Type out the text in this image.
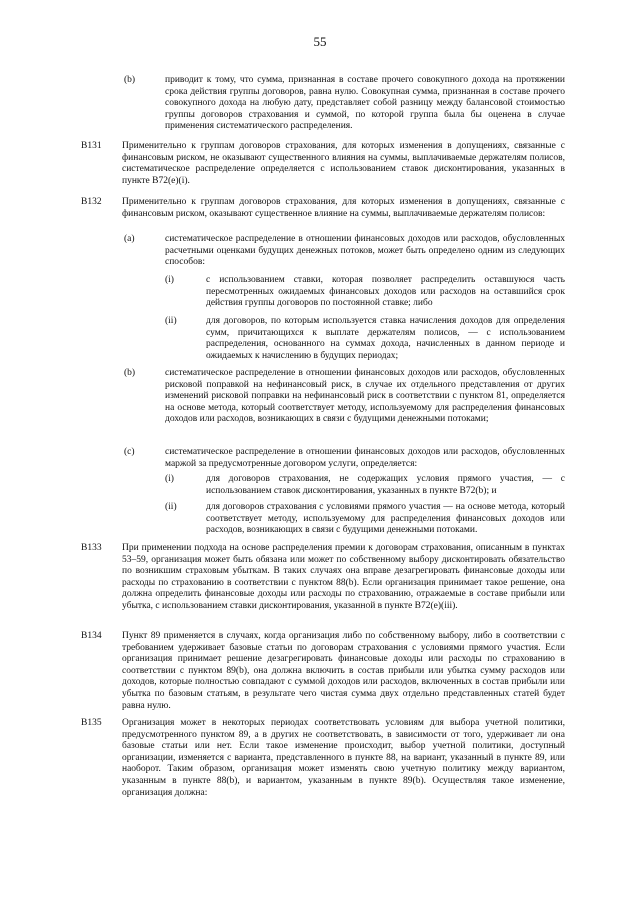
55
(b)	приводит к тому, что сумма, признанная в составе прочего совокупного дохода на протяжении срока действия группы договоров, равна нулю. Совокупная сумма, признанная в составе прочего совокупного дохода на любую дату, представляет собой разницу между балансовой стоимостью группы договоров страхования и суммой, по которой группа была бы оценена в случае применения систематического распределения.
B131 Применительно к группам договоров страхования, для которых изменения в допущениях, связанные с финансовым риском, не оказывают существенного влияния на суммы, выплачиваемые держателям полисов, систематическое распределение определяется с использованием ставок дисконтирования, указанных в пункте B72(e)(i).
B132 Применительно к группам договоров страхования, для которых изменения в допущениях, связанные с финансовым риском, оказывают существенное влияние на суммы, выплачиваемые держателям полисов:
(a)	систематическое распределение в отношении финансовых доходов или расходов, обусловленных расчетными оценками будущих денежных потоков, может быть определено одним из следующих способов:
(i)	с использованием ставки, которая позволяет распределить оставшуюся часть пересмотренных ожидаемых финансовых доходов или расходов на оставшийся срок действия группы договоров по постоянной ставке; либо
(ii)	для договоров, по которым используется ставка начисления доходов для определения сумм, причитающихся к выплате держателям полисов, — с использованием распределения, основанного на суммах дохода, начисленных в данном периоде и ожидаемых к начислению в будущих периодах;
(b)	систематическое распределение в отношении финансовых доходов или расходов, обусловленных рисковой поправкой на нефинансовый риск, в случае их отдельного представления от других изменений рисковой поправки на нефинансовый риск в соответствии с пунктом 81, определяется на основе метода, который соответствует методу, используемому для распределения финансовых доходов или расходов, возникающих в связи с будущими денежными потоками;
(c)	систематическое распределение в отношении финансовых доходов или расходов, обусловленных маржой за предусмотренные договором услуги, определяется:
(i)	для договоров страхования, не содержащих условия прямого участия, — с использованием ставок дисконтирования, указанных в пункте B72(b); и
(ii)	для договоров страхования с условиями прямого участия — на основе метода, который соответствует методу, используемому для распределения финансовых доходов или расходов, возникающих в связи с будущими денежными потоками.
B133 При применении подхода на основе распределения премии к договорам страхования, описанным в пунктах 53–59, организация может быть обязана или может по собственному выбору дисконтировать обязательство по возникшим страховым убыткам. В таких случаях она вправе дезагрегировать финансовые доходы или расходы по страхованию в соответствии с пунктом 88(b). Если организация принимает такое решение, она должна определить финансовые доходы или расходы по страхованию, отражаемые в составе прибыли или убытка, с использованием ставки дисконтирования, указанной в пункте B72(e)(iii).
B134 Пункт 89 применяется в случаях, когда организация либо по собственному выбору, либо в соответствии с требованием удерживает базовые статьи по договорам страхования с условиями прямого участия. Если организация принимает решение дезагрегировать финансовые доходы или расходы по страхованию в соответствии с пунктом 89(b), она должна включить в состав прибыли или убытка сумму расходов или доходов, которые полностью совпадают с суммой доходов или расходов, включенных в состав прибыли или убытка по базовым статьям, в результате чего чистая сумма двух отдельно представленных статей будет равна нулю.
B135 Организация может в некоторых периодах соответствовать условиям для выбора учетной политики, предусмотренного пунктом 89, а в других не соответствовать, в зависимости от того, удерживает ли она базовые статьи или нет. Если такое изменение происходит, выбор учетной политики, доступный организации, изменяется с варианта, представленного в пункте 88, на вариант, указанный в пункте 89, или наоборот. Таким образом, организация может изменять свою учетную политику между вариантом, указанным в пункте 88(b), и вариантом, указанным в пункте 89(b). Осуществляя такое изменение, организация должна:
